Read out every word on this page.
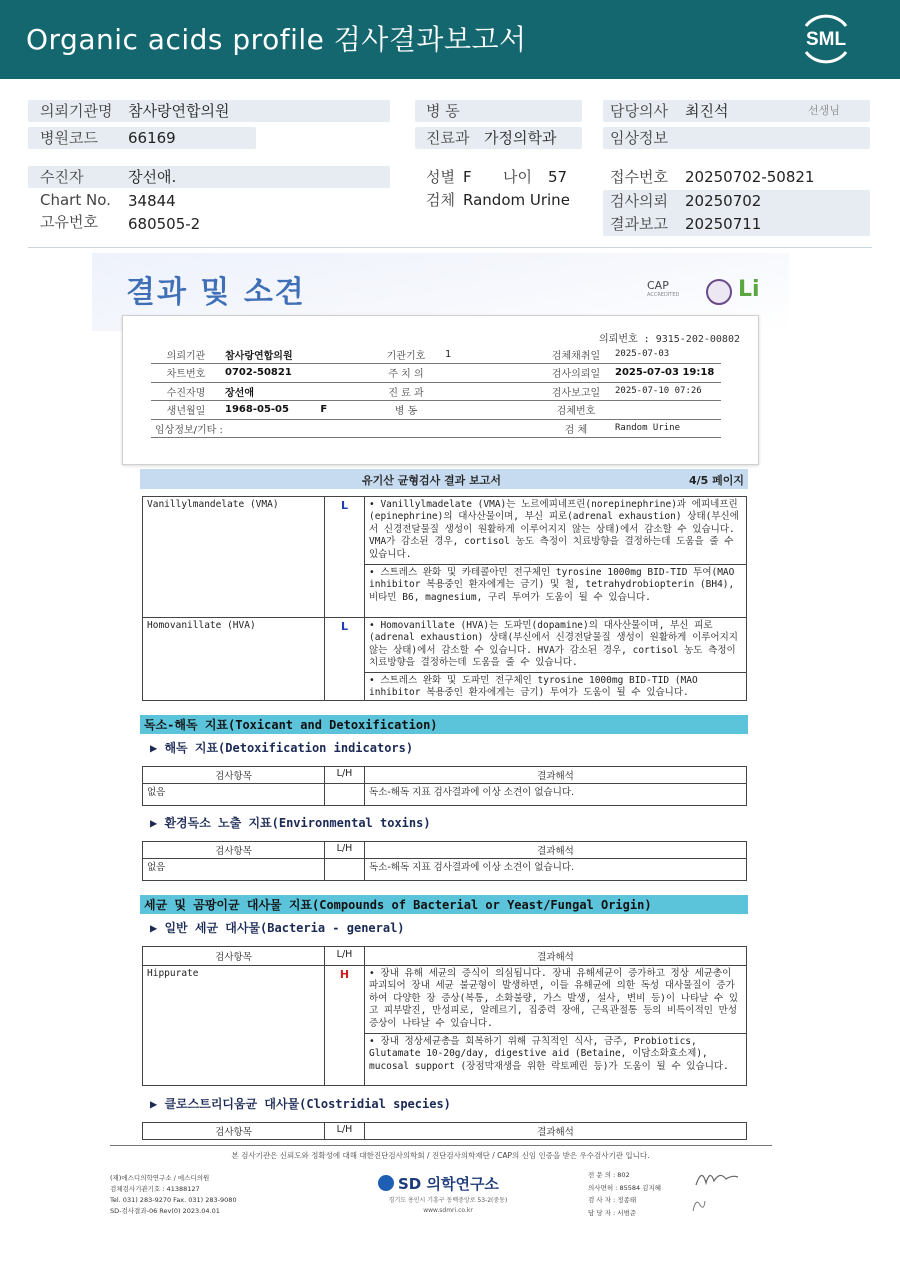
Organic acids profile 검사결과보고서	SML
의뢰기관명 참사랑연합의원
병원코드 66169
병 동
진료과 가정의학과
담당의사 최진석	선생님
임상정보
수진자	장선애.
Chart No. 34844
고유번호 680505-2
성별 F 나이 57
검체 Random Urine
접수번호 20250702-50821
검사의뢰 20250702
결과보고 20250711
결과 및 소견	CAP
ACCREDITED	Li
의뢰번호 : 9315-202-00802
의뢰기관	참사랑연합의원	기관기호	1	검체채취일	2025-07-03
차트번호	0702-50821	주 치 의		검사의뢰일	2025-07-03 19:18
수진자명	장선애	진 료 과		검사보고일	2025-07-10 07:26
생년월일	1968-05-05 F	병 동		검체번호	
임상정보/기타 :				검 체	Random Urine
유기산 균형검사 결과 보고서	4/5 페이지
Vanillylmandelate (VMA)	L	• Vanillylmadelate (VMA)는 노르에피네프린(norepinephrine)과 에피네프린(epinephrine)의 대사산물이며, 부신 피로(adrenal exhaustion) 상태(부신에서 신경전달물질 생성이 원활하게 이루어지지 않는 상태)에서 감소할 수 있습니다. VMA가 감소된 경우, cortisol 농도 측정이 치료방향을 결정하는데 도움을 줄 수 있습니다.
• 스트레스 완화 및 카테콜아민 전구체인 tyrosine 1000mg BID-TID 투여(MAO inhibitor 복용중인 환자에게는 금기) 및 철, tetrahydrobiopterin (BH4), 비타민 B6, magnesium, 구리 투여가 도움이 될 수 있습니다.

Homovanillate (HVA)	L	• Homovanillate (HVA)는 도파민(dopamine)의 대사산물이며, 부신 피로(adrenal exhaustion) 상태(부신에서 신경전달물질 생성이 원활하게 이루어지지 않는 상태)에서 감소할 수 있습니다. HVA가 감소된 경우, cortisol 농도 측정이 치료방향을 결정하는데 도움을 줄 수 있습니다.
• 스트레스 완화 및 도파민 전구체인 tyrosine 1000mg BID-TID (MAO inhibitor 복용중인 환자에게는 금기) 투여가 도움이 될 수 있습니다.
독소-해독 지표(Toxicant and Detoxification)
▶ 해독 지표(Detoxification indicators)
검사항목	L/H	결과해석
없음		독소-해독 지표 검사결과에 이상 소견이 없습니다.
▶ 환경독소 노출 지표(Environmental toxins)
검사항목	L/H	결과해석
없음		독소-해독 지표 검사결과에 이상 소견이 없습니다.
세균 및 곰팡이균 대사물 지표(Compounds of Bacterial or Yeast/Fungal Origin)
▶ 일반 세균 대사물(Bacteria - general)
검사항목	L/H	결과해석
Hippurate	H	• 장내 유해 세균의 증식이 의심됩니다. 장내 유해세균이 증가하고 정상 세균총이 파괴되어 장내 세균 불균형이 발생하면, 이들 유해균에 의한 독성 대사물질이 증가하여 다양한 장 증상(복통, 소화불량, 가스 발생, 설사, 변비 등)이 나타날 수 있고 피부발진, 만성피로, 알레르기, 집중력 장애, 근육관절통 등의 비특이적인 만성증상이 나타날 수 있습니다.
• 장내 정상세균총을 회복하기 위해 규칙적인 식사, 금주, Probiotics, Glutamate 10-20g/day, digestive aid (Betaine, 이담소화효소제), mucosal support (장점막재생을 위한 락토페린 등)가 도움이 될 수 있습니다.
▶ 클로스트리디움균 대사물(Clostridial species)
검사항목	L/H	결과해석
본 검사기관은 신뢰도와 정확성에 대해 대한진단검사의학회 / 진단검사의학재단 / CAP의 신임 인증을 받은 우수검사기관 입니다.
(재)에스디의학연구소 / 에스디의원
검체검사기관기호 : 41388127
Tel. 031) 283-9270 Fax. 031) 283-9080
SD-검사결과-06 Rev(0) 2023.04.01
SD 의학연구소
경기도 용인시 기흥구 동백중앙로 53-2(중동)
www.sdmri.co.kr
전 문 의 : 802
의사면허 : 85584 김지혜
검 사 자 : 정종태
담 당 자 : 서범준
